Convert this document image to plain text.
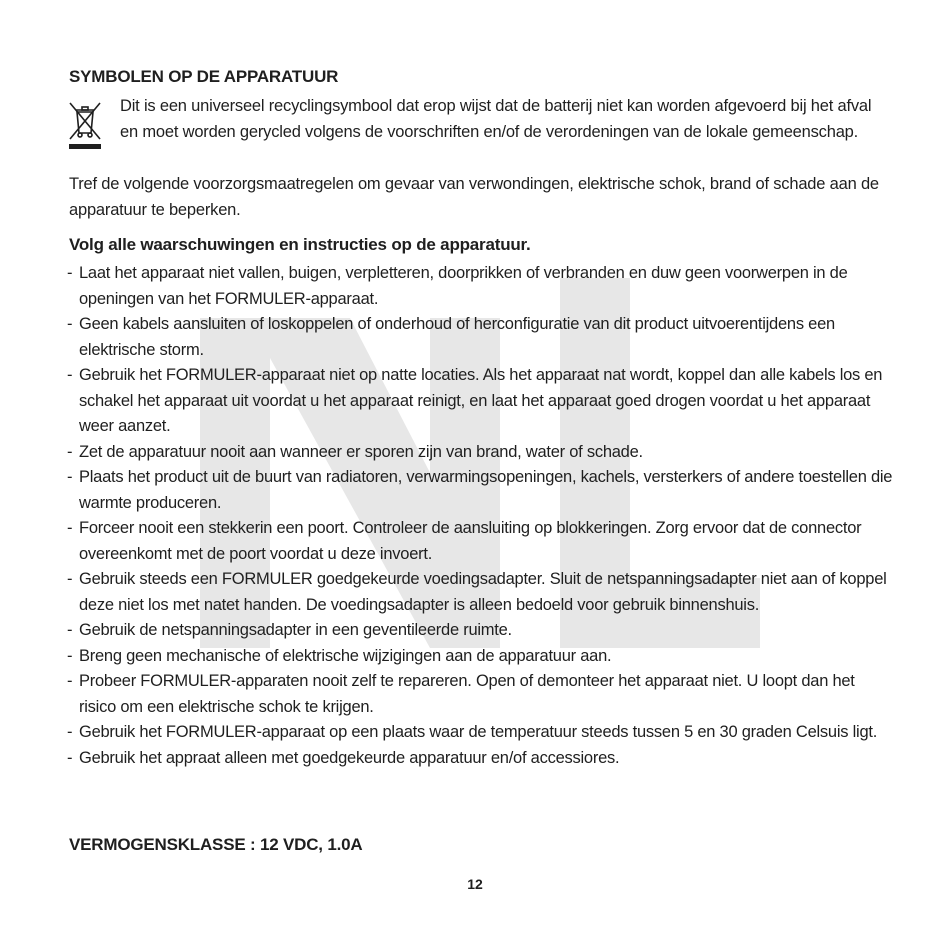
SYMBOLEN OP DE APPARATUUR
Dit is een universeel recyclingsymbool dat erop wijst dat de batterij niet kan worden afgevoerd bij het afval en moet worden gerycled volgens de voorschriften en/of de verordeningen van de lokale gemeenschap.
Tref de volgende voorzorgsmaatregelen om gevaar van verwondingen, elektrische schok, brand of schade aan de apparatuur te beperken.
Volg alle waarschuwingen en instructies op de apparatuur.
- Laat het apparaat niet vallen, buigen, verpletteren, doorprikken of verbranden en duw geen voorwerpen in de openingen van het FORMULER-apparaat.
- Geen kabels aansluiten of loskoppelen of onderhoud of herconfiguratie van dit product uitvoerentijdens een elektrische storm.
- Gebruik het FORMULER-apparaat niet op natte locaties. Als het apparaat nat wordt, koppel dan alle kabels los en schakel het apparaat uit voordat u het apparaat reinigt, en laat het apparaat goed drogen voordat u het apparaat weer aanzet.
- Zet de apparatuur nooit aan wanneer er sporen zijn van brand, water of schade.
- Plaats het product uit de buurt van radiatoren, verwarmingsopeningen, kachels, versterkers of andere toestellen die warmte produceren.
- Forceer nooit een stekkerin een poort. Controleer de aansluiting op blokkeringen. Zorg ervoor dat de connector overeenkomt met de poort voordat u deze invoert.
- Gebruik steeds een FORMULER goedgekeurde voedingsadapter. Sluit de netspanningsadapter niet aan of koppel deze niet los met natet handen. De voedingsadapter is alleen bedoeld voor gebruik binnenshuis.
- Gebruik de netspanningsadapter in een geventileerde ruimte.
- Breng geen mechanische of elektrische wijzigingen aan de apparatuur aan.
- Probeer FORMULER-apparaten nooit zelf te repareren. Open of demonteer het apparaat niet. U loopt dan het risico om een elektrische schok te krijgen.
- Gebruik het FORMULER-apparaat op een plaats waar de temperatuur steeds tussen 5 en 30 graden Celsuis ligt.
- Gebruik het appraat alleen met goedgekeurde apparatuur en/of accessiores.
VERMOGENSKLASSE : 12 VDC, 1.0A
12
